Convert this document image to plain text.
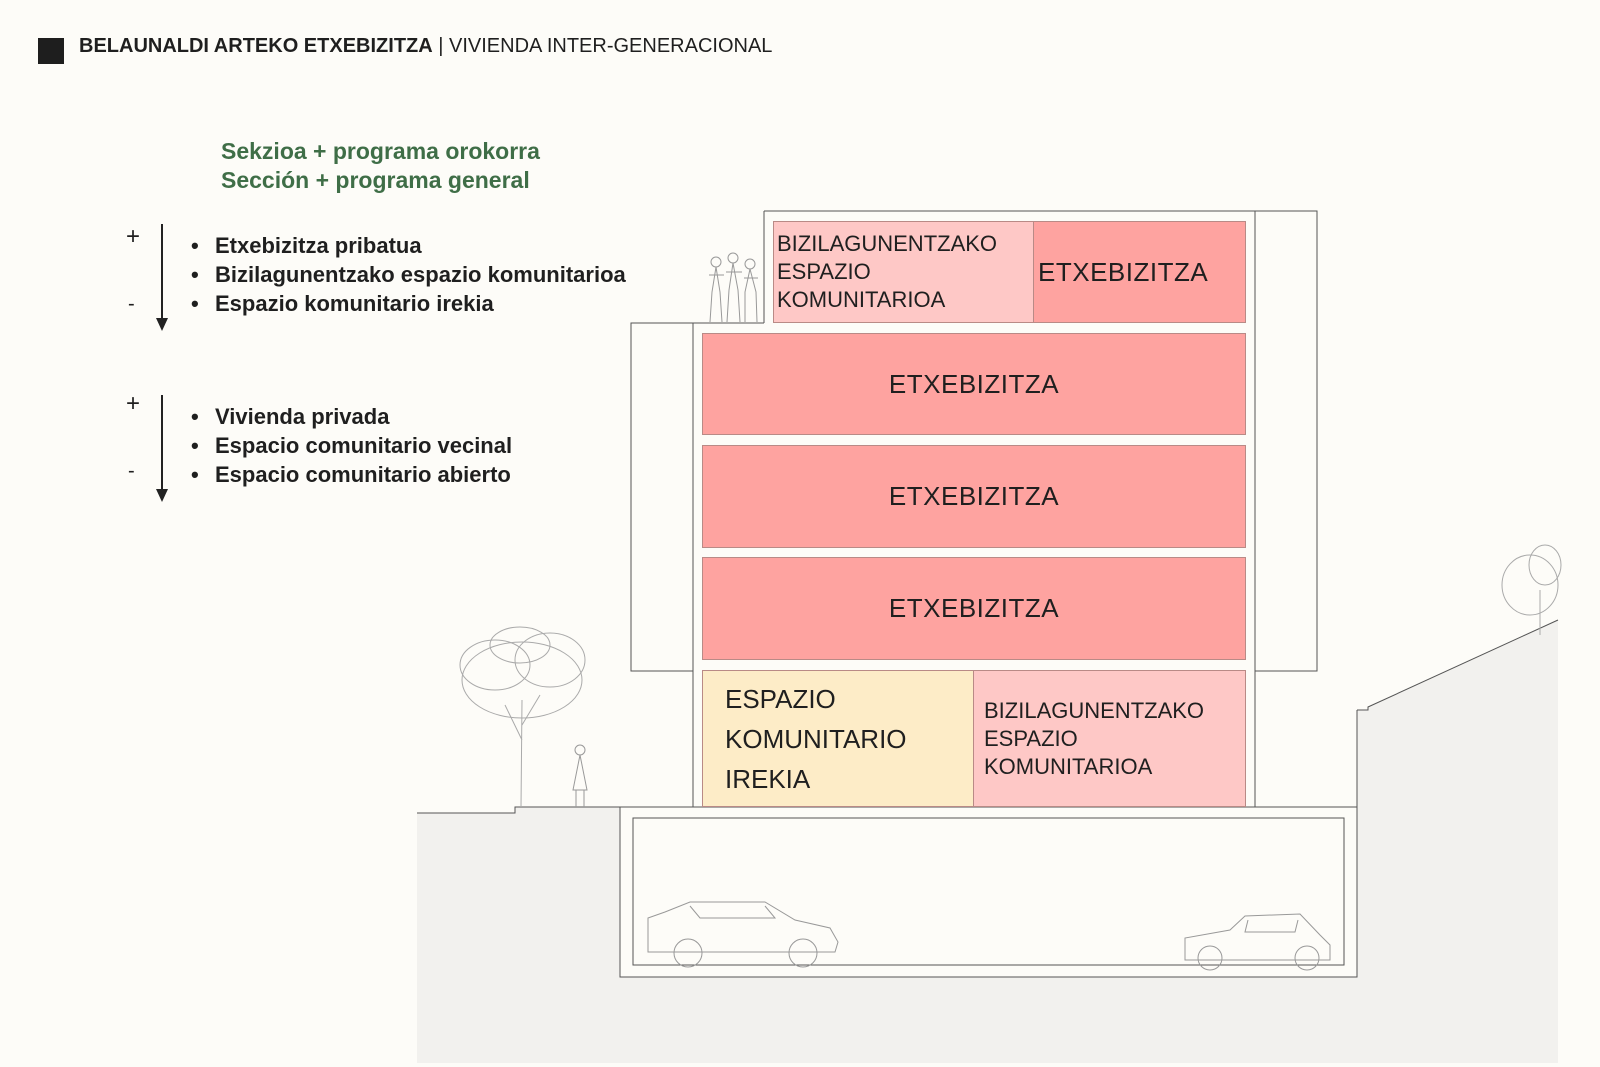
BELAUNALDI ARTEKO ETXEBIZITZA | VIVIENDA INTER-GENERACIONAL
Sekzioa + programa orokorra
Sección + programa general
+
-
• Etxebizitza pribatua
• Bizilagunentzako espazio komunitarioa
• Espazio komunitario irekia
+
-
• Vivienda privada
• Espacio comunitario vecinal
• Espacio comunitario abierto
BIZILAGUNENTZAKO
ESPAZIO
KOMUNITARIOA
ETXEBIZITZA
ETXEBIZITZA
ETXEBIZITZA
ETXEBIZITZA
ESPAZIO
KOMUNITARIO
IREKIA
BIZILAGUNENTZAKO
ESPAZIO
KOMUNITARIOA
